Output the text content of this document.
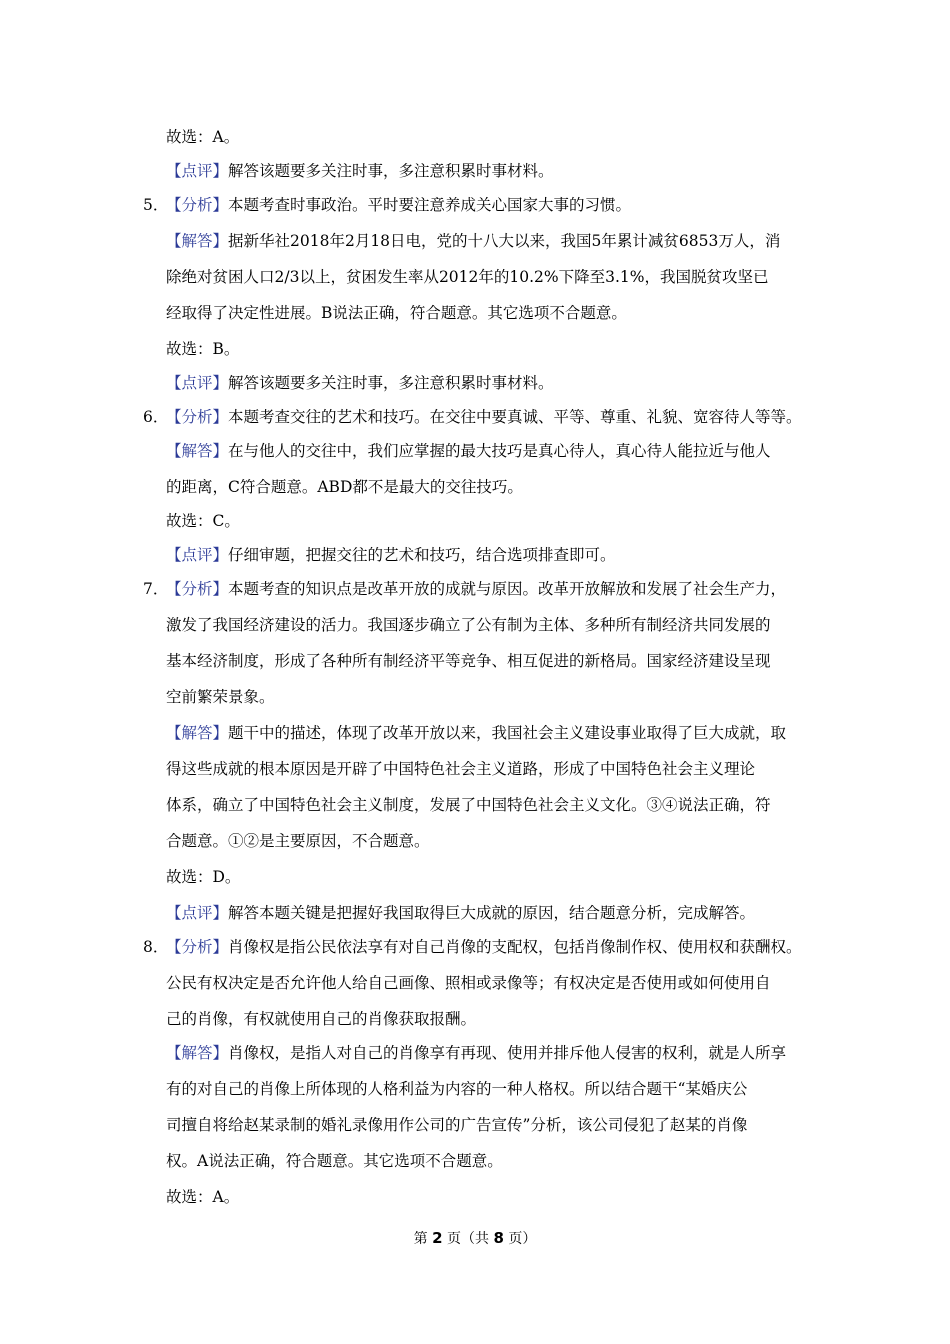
故选：A。
【点评】解答该题要多关注时事，多注意积累时事材料。
5．
【分析】本题考查时事政治。平时要注意养成关心国家大事的习惯。
【解答】据新华社2018年2月18日电，党的十八大以来，我国5年累计减贫6853万人，消
除绝对贫困人口2/3以上，贫困发生率从2012年的10.2%下降至3.1%，我国脱贫攻坚已
经取得了决定性进展。B说法正确，符合题意。其它选项不合题意。
故选：B。
【点评】解答该题要多关注时事，多注意积累时事材料。
6．
【分析】本题考查交往的艺术和技巧。在交往中要真诚、平等、尊重、礼貌、宽容待人等等。
【解答】在与他人的交往中，我们应掌握的最大技巧是真心待人，真心待人能拉近与他人
的距离，C符合题意。ABD都不是最大的交往技巧。
故选：C。
【点评】仔细审题，把握交往的艺术和技巧，结合选项排查即可。
7．
【分析】本题考查的知识点是改革开放的成就与原因。改革开放解放和发展了社会生产力，
激发了我国经济建设的活力。我国逐步确立了公有制为主体、多种所有制经济共同发展的
基本经济制度，形成了各种所有制经济平等竞争、相互促进的新格局。国家经济建设呈现
空前繁荣景象。
【解答】题干中的描述，体现了改革开放以来，我国社会主义建设事业取得了巨大成就，取
得这些成就的根本原因是开辟了中国特色社会主义道路，形成了中国特色社会主义理论
体系，确立了中国特色社会主义制度，发展了中国特色社会主义文化。③④说法正确，符
合题意。①②是主要原因，不合题意。
故选：D。
【点评】解答本题关键是把握好我国取得巨大成就的原因，结合题意分析，完成解答。
8．
【分析】肖像权是指公民依法享有对自己肖像的支配权，包括肖像制作权、使用权和获酬权。
公民有权决定是否允许他人给自己画像、照相或录像等；有权决定是否使用或如何使用自
己的肖像，有权就使用自己的肖像获取报酬。
【解答】肖像权，是指人对自己的肖像享有再现、使用并排斥他人侵害的权利，就是人所享
有的对自己的肖像上所体现的人格利益为内容的一种人格权。所以结合题干“某婚庆公
司擅自将给赵某录制的婚礼录像用作公司的广告宣传”分析，该公司侵犯了赵某的肖像
权。A说法正确，符合题意。其它选项不合题意。
故选：A。
第 2 页（共 8 页）
